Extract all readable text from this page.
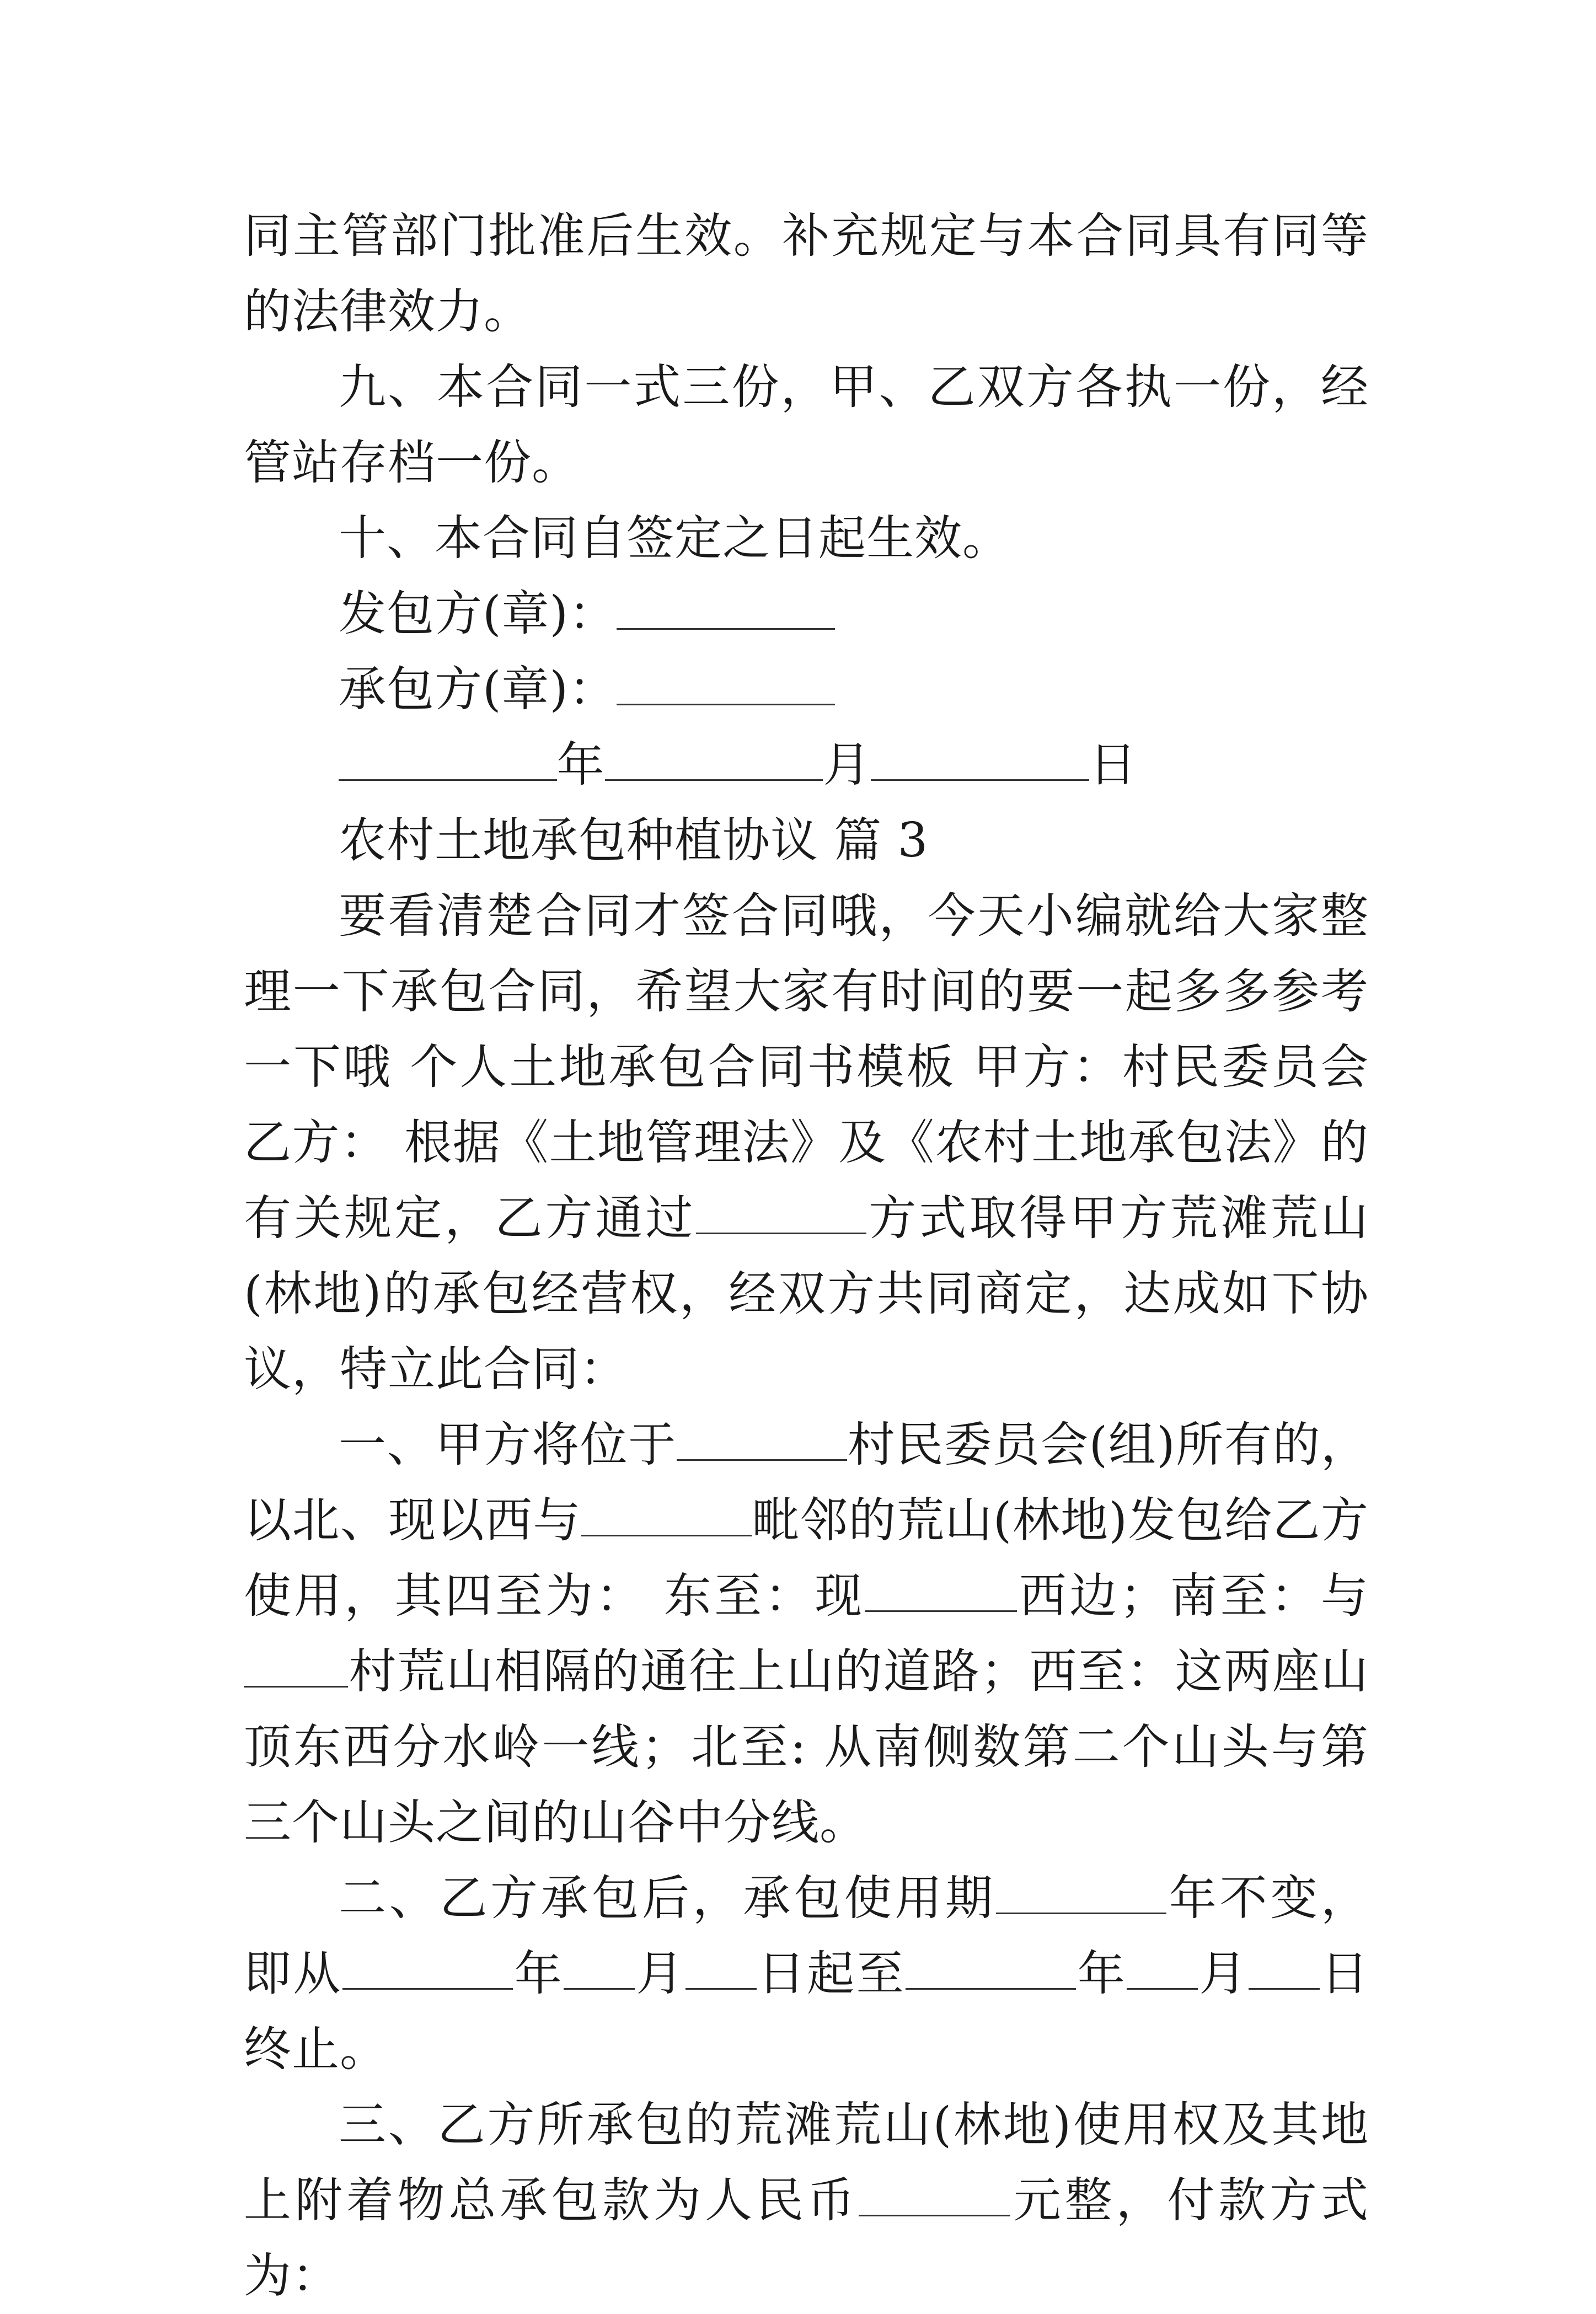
同主管部门批准后生效。补充规定与本合同具有同等的法律效力。

九、本合同一式三份，甲、乙双方各执一份，经管站存档一份。

十、本合同自签定之日起生效。

发包方(章)：

承包方(章)：

年	月	日

农村土地承包种植协议 篇 3

要看清楚合同才签合同哦，今天小编就给大家整理一下承包合同，希望大家有时间的要一起多多参考一下哦 个人土地承包合同书模板 甲方：村民委员会 乙方： 根据《土地管理法》及《农村土地承包法》的有关规定，乙方通过	方式取得甲方荒滩荒山(林地)的承包经营权，经双方共同商定，达成如下协议，特立此合同：

一、甲方将位于	村民委员会(组)所有的，以北、现以西与	毗邻的荒山(林地)发包给乙方使用，其四至为： 东至：现	西边；南至：与村荒山相隔的通往上山的道路；西至：这两座山顶东西分水岭一线；北至: 从南侧数第二个山头与第三个山头之间的山谷中分线。

二、乙方承包后，承包使用期	年不变，即从	年 月 日起至	年 月 日终止。

三、乙方所承包的荒滩荒山(林地)使用权及其地上附着物总承包款为人民币	元整，付款方式为：
